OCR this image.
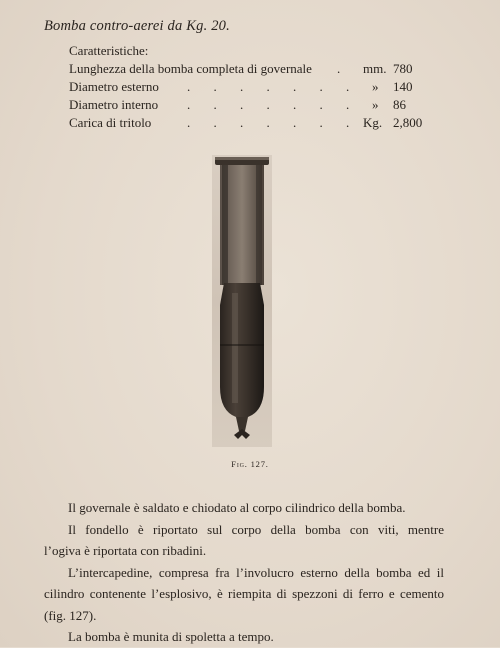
Bomba contro-aerei da Kg. 20.
Caratteristiche:
Lunghezza della bomba completa di governale . mm. 780
Diametro esterno . . . . . . . » 140
Diametro interno . . . . . . . » 86
Carica di tritolo	. . . . . . . Kg. 2,800
Fig. 127.

Il governale è saldato e chiodato al corpo cilindrico della bomba.

Il fondello è riportato sul corpo della bomba con viti, mentre

l’ogiva è riportata con ribadini.

L’intercapedine, compresa fra l’involucro esterno della bomba ed il cilindro contenente l’esplosivo, è riempita di spezzoni di ferro e cemento (fig. 127).

La bomba è munita di spoletta a tempo.
